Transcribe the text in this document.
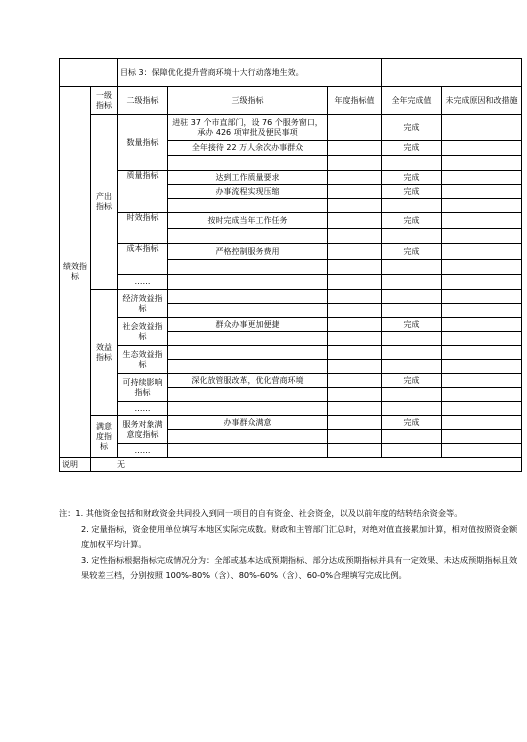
		目标 3：保障优化提升营商环境十大行动落地生效。				
绩效指标	一级指标	二级指标	三级指标	年度指标值	全年完成值	未完成原因和改措施
	产出指标	数量指标	进驻 37 个市直部门，设 76 个服务窗口，承办 426 项审批及便民事项		完成	
			全年接待 22 万人余次办事群众		完成	

		质量指标	达到工作质量要求		完成	
			办事流程实现压缩		完成	

		时效指标	按时完成当年工作任务		完成	

		成本指标	严格控制服务费用		完成	

		……				
	效益指标	经济效益指标				

		社会效益指标	群众办事更加便捷		完成	

		生态效益指标				

		可持续影响指标	深化放管服改革，优化营商环境		完成	

		……				
	满意度指标	服务对象满意度指标	办事群众满意		完成	

		……				
说明	无					

注：1. 其他资金包括和财政资金共同投入到同一项目的自有资金、社会资金，以及以前年度的结转结余资金等。

2. 定量指标，资金使用单位填写本地区实际完成数。财政和主管部门汇总时，对绝对值直接累加计算，相对值按照资金额度加权平均计算。

3. 定性指标根据指标完成情况分为：全部或基本达成预期指标、部分达成预期指标并具有一定效果、未达成预期指标且效果较差三档，分别按照 100%-80%（含）、80%-60%（含）、60-0%合理填写完成比例。
